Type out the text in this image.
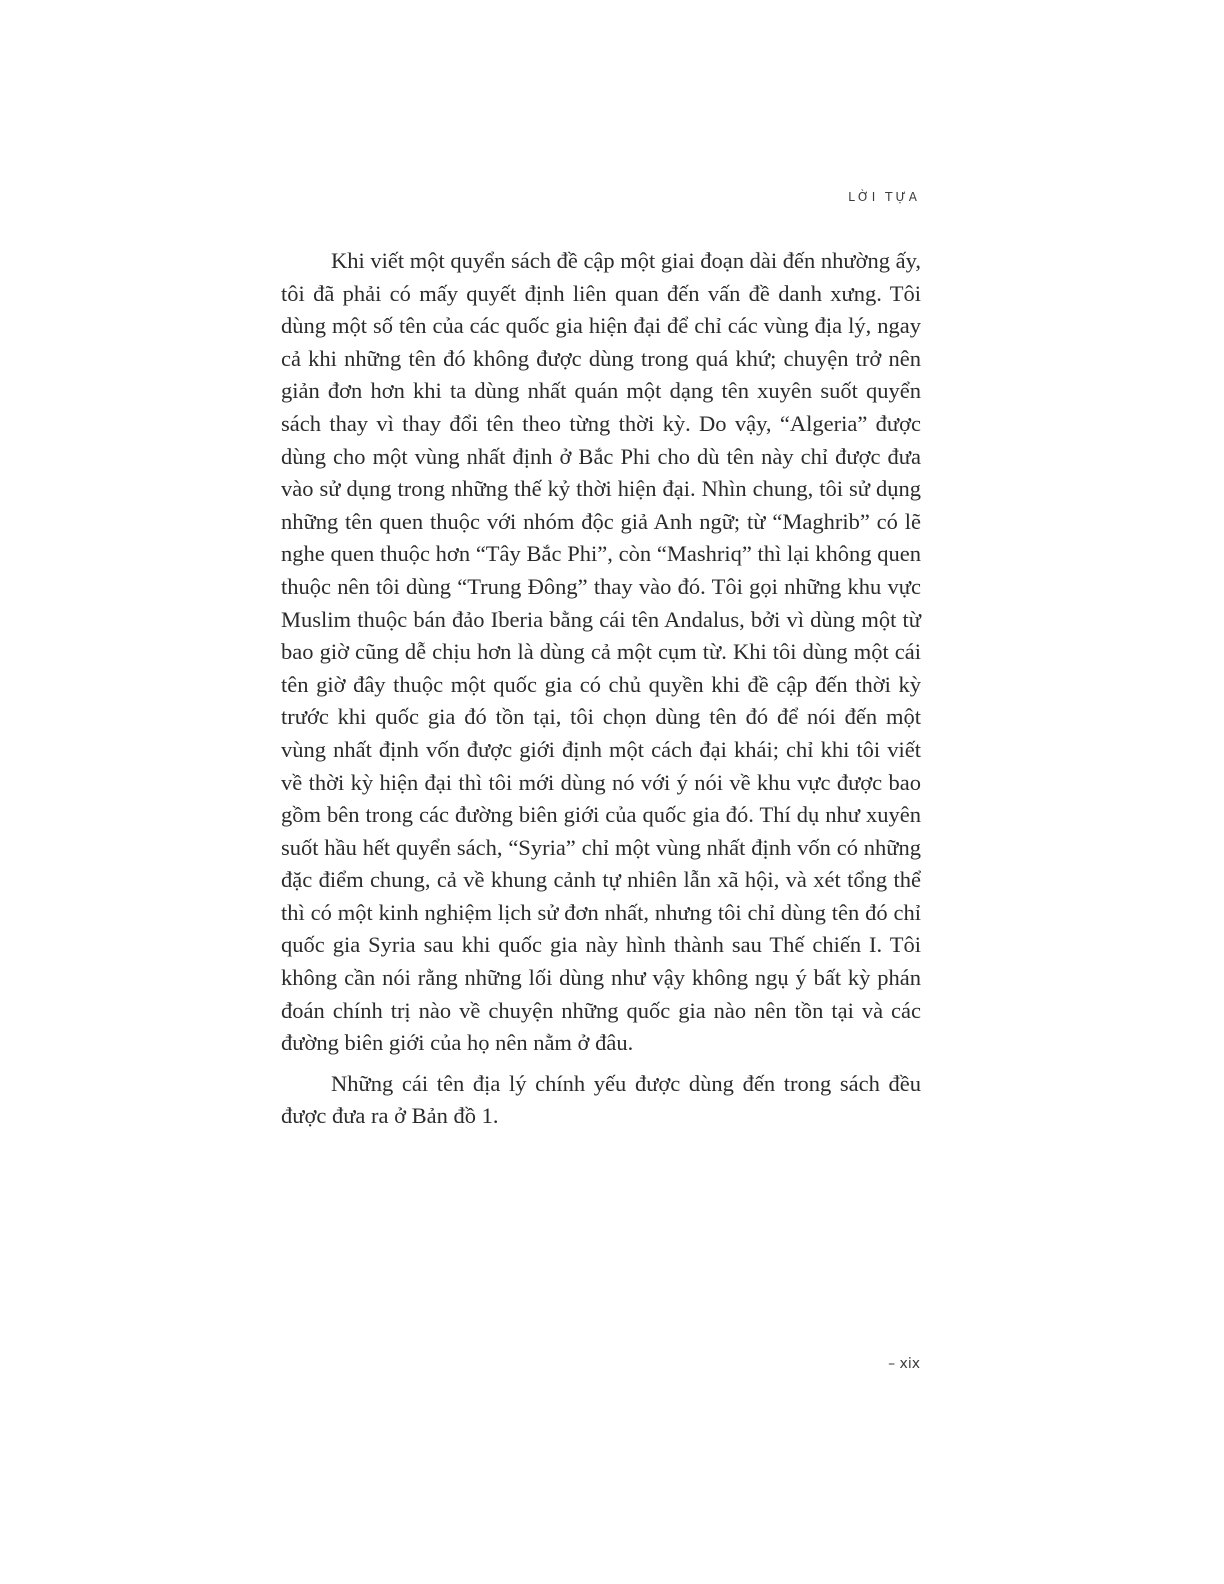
LỜI TỰA

Khi viết một quyển sách đề cập một giai đoạn dài đến nhường ấy, tôi đã phải có mấy quyết định liên quan đến vấn đề danh xưng. Tôi dùng một số tên của các quốc gia hiện đại để chỉ các vùng địa lý, ngay cả khi những tên đó không được dùng trong quá khứ; chuyện trở nên giản đơn hơn khi ta dùng nhất quán một dạng tên xuyên suốt quyển sách thay vì thay đổi tên theo từng thời kỳ. Do vậy, “Algeria” được dùng cho một vùng nhất định ở Bắc Phi cho dù tên này chỉ được đưa vào sử dụng trong những thế kỷ thời hiện đại. Nhìn chung, tôi sử dụng những tên quen thuộc với nhóm độc giả Anh ngữ; từ “Maghrib” có lẽ nghe quen thuộc hơn “Tây Bắc Phi”, còn “Mashriq” thì lại không quen thuộc nên tôi dùng “Trung Đông” thay vào đó. Tôi gọi những khu vực Muslim thuộc bán đảo Iberia bằng cái tên Andalus, bởi vì dùng một từ bao giờ cũng dễ chịu hơn là dùng cả một cụm từ. Khi tôi dùng một cái tên giờ đây thuộc một quốc gia có chủ quyền khi đề cập đến thời kỳ trước khi quốc gia đó tồn tại, tôi chọn dùng tên đó để nói đến một vùng nhất định vốn được giới định một cách đại khái; chỉ khi tôi viết về thời kỳ hiện đại thì tôi mới dùng nó với ý nói về khu vực được bao gồm bên trong các đường biên giới của quốc gia đó. Thí dụ như xuyên suốt hầu hết quyển sách, “Syria” chỉ một vùng nhất định vốn có những đặc điểm chung, cả về khung cảnh tự nhiên lẫn xã hội, và xét tổng thể thì có một kinh nghiệm lịch sử đơn nhất, nhưng tôi chỉ dùng tên đó chỉ quốc gia Syria sau khi quốc gia này hình thành sau Thế chiến I. Tôi không cần nói rằng những lối dùng như vậy không ngụ ý bất kỳ phán đoán chính trị nào về chuyện những quốc gia nào nên tồn tại và các đường biên giới của họ nên nằm ở đâu.

Những cái tên địa lý chính yếu được dùng đến trong sách đều được đưa ra ở Bản đồ 1.

– xix
